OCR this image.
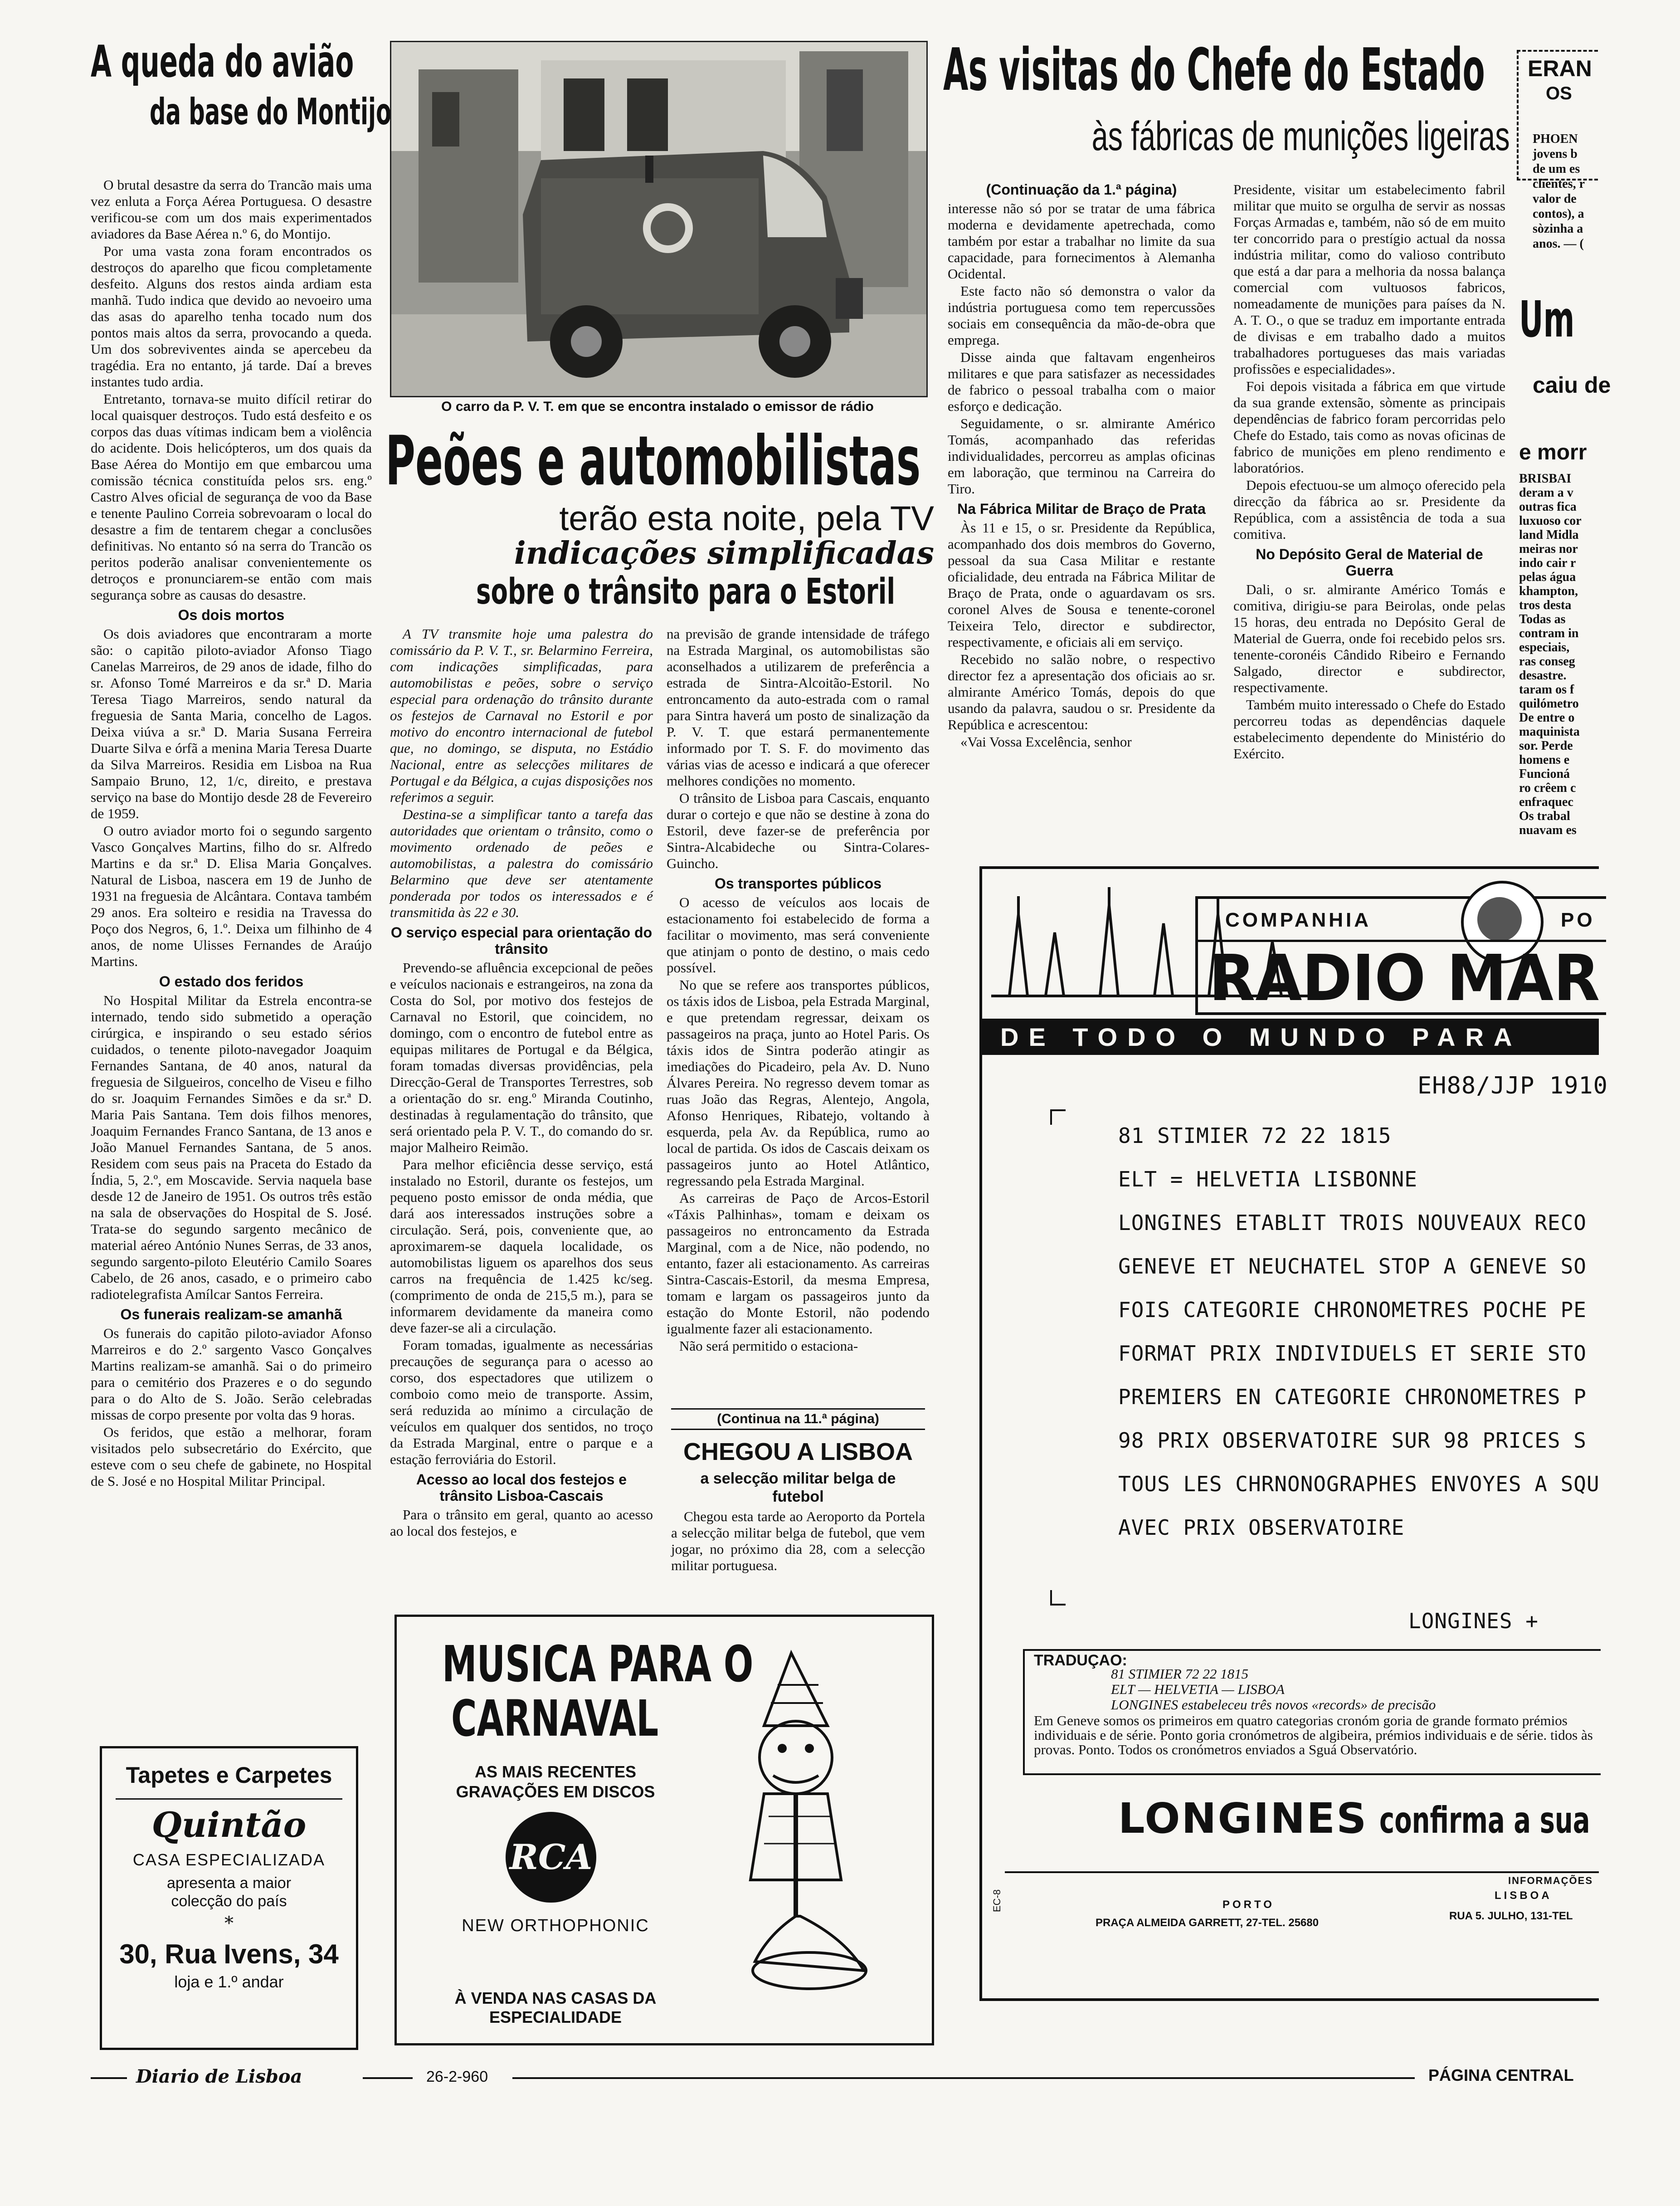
A queda do avião
da base do Montijo

O brutal desastre da serra do Trancão mais uma vez enluta a Força Aérea Portuguesa. O desastre verificou-se com um dos mais experimentados aviadores da Base Aérea n.º 6, do Montijo.

Por uma vasta zona foram encontrados os destroços do aparelho que ficou completamente desfeito. Alguns dos restos ainda ardiam esta manhã. Tudo indica que devido ao nevoeiro uma das asas do aparelho tenha tocado num dos pontos mais altos da serra, provocando a queda. Um dos sobreviventes ainda se apercebeu da tragédia. Era no entanto, já tarde. Daí a breves instantes tudo ardia.

Entretanto, tornava-se muito difícil retirar do local quaisquer destroços. Tudo está desfeito e os corpos das duas vítimas indicam bem a violência do acidente. Dois helicópteros, um dos quais da Base Aérea do Montijo em que embarcou uma comissão técnica constituída pelos srs. eng.º Castro Alves oficial de segurança de voo da Base e tenente Paulino Correia sobrevoaram o local do desastre a fim de tentarem chegar a conclusões definitivas. No entanto só na serra do Trancão os peritos poderão analisar convenientemente os detroços e pronunciarem-se então com mais segurança sobre as causas do desastre.

Os dois mortos

Os dois aviadores que encontraram a morte são: o capitão piloto-aviador Afonso Tiago Canelas Marreiros, de 29 anos de idade, filho do sr. Afonso Tomé Marreiros e da sr.ª D. Maria Teresa Tiago Marreiros, sendo natural da freguesia de Santa Maria, concelho de Lagos. Deixa viúva a sr.ª D. Maria Susana Ferreira Duarte Silva e órfã a menina Maria Teresa Duarte da Silva Marreiros. Residia em Lisboa na Rua Sampaio Bruno, 12, 1/c, direito, e prestava serviço na base do Montijo desde 28 de Fevereiro de 1959.

O outro aviador morto foi o segundo sargento Vasco Gonçalves Martins, filho do sr. Alfredo Martins e da sr.ª D. Elisa Maria Gonçalves. Natural de Lisboa, nascera em 19 de Junho de 1931 na freguesia de Alcântara. Contava também 29 anos. Era solteiro e residia na Travessa do Poço dos Negros, 6, 1.º. Deixa um filhinho de 4 anos, de nome Ulisses Fernandes de Araújo Martins.

O estado dos feridos

No Hospital Militar da Estrela encontra-se internado, tendo sido submetido a operação cirúrgica, e inspirando o seu estado sérios cuidados, o tenente piloto-navegador Joaquim Fernandes Santana, de 40 anos, natural da freguesia de Silgueiros, concelho de Viseu e filho do sr. Joaquim Fernandes Simões e da sr.ª D. Maria Pais Santana. Tem dois filhos menores, Joaquim Fernandes Franco Santana, de 13 anos e João Manuel Fernandes Santana, de 5 anos. Residem com seus pais na Praceta do Estado da Índia, 5, 2.º, em Moscavide. Servia naquela base desde 12 de Janeiro de 1951. Os outros três estão na sala de observações do Hospital de S. José. Trata-se do segundo sargento mecânico de material aéreo António Nunes Serras, de 33 anos, segundo sargento-piloto Eleutério Camilo Soares Cabelo, de 26 anos, casado, e o primeiro cabo radiotelegrafista Amílcar Santos Ferreira.

Os funerais realizam-se amanhã

Os funerais do capitão piloto-aviador Afonso Marreiros e do 2.º sargento Vasco Gonçalves Martins realizam-se amanhã. Sai o do primeiro para o cemitério dos Prazeres e o do segundo para o do Alto de S. João. Serão celebradas missas de corpo presente por volta das 9 horas.

Os feridos, que estão a melhorar, foram visitados pelo subsecretário do Exército, que esteve com o seu chefe de gabinete, no Hospital de S. José e no Hospital Militar Principal.

Tapetes e Carpetes
Quintão
CASA ESPECIALIZADA
apresenta a maior colecção do país
*
30, Rua Ivens, 34
loja e 1.º andar
O carro da P. V. T. em que se encontra instalado o emissor de rádio
Peões e automobilistas
terão esta noite, pela TV
indicações simplificadas
sobre o trânsito para o Estoril

A TV transmite hoje uma palestra do comissário da P. V. T., sr. Belarmino Ferreira, com indicações simplificadas, para automobilistas e peões, sobre o serviço especial para ordenação do trânsito durante os festejos de Carnaval no Estoril e por motivo do encontro internacional de futebol que, no domingo, se disputa, no Estádio Nacional, entre as selecções militares de Portugal e da Bélgica, a cujas disposições nos referimos a seguir.

Destina-se a simplificar tanto a tarefa das autoridades que orientam o trânsito, como o movimento ordenado de peões e automobilistas, a palestra do comissário Belarmino que deve ser atentamente ponderada por todos os interessados e é transmitida às 22 e 30.

O serviço especial para orientação do trânsito

Prevendo-se afluência excepcional de peões e veículos nacionais e estrangeiros, na zona da Costa do Sol, por motivo dos festejos de Carnaval no Estoril, que coincidem, no domingo, com o encontro de futebol entre as equipas militares de Portugal e da Bélgica, foram tomadas diversas providências, pela Direcção-Geral de Transportes Terrestres, sob a orientação do sr. eng.º Miranda Coutinho, destinadas à regulamentação do trânsito, que será orientado pela P. V. T., do comando do sr. major Malheiro Reimão.

Para melhor eficiência desse serviço, está instalado no Estoril, durante os festejos, um pequeno posto emissor de onda média, que dará aos interessados instruções sobre a circulação. Será, pois, conveniente que, ao aproximarem-se daquela localidade, os automobilistas liguem os aparelhos dos seus carros na frequência de 1.425 kc/seg. (comprimento de onda de 215,5 m.), para se informarem devidamente da maneira como deve fazer-se ali a circulação.

Foram tomadas, igualmente as necessárias precauções de segurança para o acesso ao corso, dos espectadores que utilizem o comboio como meio de transporte. Assim, será reduzida ao mínimo a circulação de veículos em qualquer dos sentidos, no troço da Estrada Marginal, entre o parque e a estação ferroviária do Estoril.

Acesso ao local dos festejos e trânsito Lisboa-Cascais

Para o trânsito em geral, quanto ao acesso ao local dos festejos, e

na previsão de grande intensidade de tráfego na Estrada Marginal, os automobilistas são aconselhados a utilizarem de preferência a estrada de Sintra-Alcoitão-Estoril. No entroncamento da auto-estrada com o ramal para Sintra haverá um posto de sinalização da P. V. T. que estará permanentemente informado por T. S. F. do movimento das várias vias de acesso e indicará a que oferecer melhores condições no momento.

O trânsito de Lisboa para Cascais, enquanto durar o cortejo e que não se destine à zona do Estoril, deve fazer-se de preferência por Sintra-Alcabideche ou Sintra-Colares-Guincho.

Os transportes públicos

O acesso de veículos aos locais de estacionamento foi estabelecido de forma a facilitar o movimento, mas será conveniente que atinjam o ponto de destino, o mais cedo possível.

No que se refere aos transportes públicos, os táxis idos de Lisboa, pela Estrada Marginal, e que pretendam regressar, deixam os passageiros na praça, junto ao Hotel Paris. Os táxis idos de Sintra poderão atingir as imediações do Picadeiro, pela Av. D. Nuno Álvares Pereira. No regresso devem tomar as ruas João das Regras, Alentejo, Angola, Afonso Henriques, Ribatejo, voltando à esquerda, pela Av. da República, rumo ao local de partida. Os idos de Cascais deixam os passageiros junto ao Hotel Atlântico, regressando pela Estrada Marginal.

As carreiras de Paço de Arcos-Estoril «Táxis Palhinhas», tomam e deixam os passageiros no entroncamento da Estrada Marginal, com a de Nice, não podendo, no entanto, fazer ali estacionamento. As carreiras Sintra-Cascais-Estoril, da mesma Empresa, tomam e largam os passageiros junto da estação do Monte Estoril, não podendo igualmente fazer ali estacionamento.

Não será permitido o estaciona-

(Continua na 11.ª página)
CHEGOU A LISBOA
a selecção militar belga de futebol
Chegou esta tarde ao Aeroporto da Portela a selecção militar belga de futebol, que vem jogar, no próximo dia 28, com a selecção militar portuguesa.
MUSICA PARA O
CARNAVAL
AS MAIS RECENTES GRAVAÇÕES EM DISCOS
RCA
NEW ORTHOPHONIC
À VENDA NAS CASAS DA ESPECIALIDADE
As visitas do Chefe do Estado
às fábricas de munições ligeiras
(Continuação da 1.ª página)

interesse não só por se tratar de uma fábrica moderna e devidamente apetrechada, como também por estar a trabalhar no limite da sua capacidade, para fornecimentos à Alemanha Ocidental.

Este facto não só demonstra o valor da indústria portuguesa como tem repercussões sociais em consequência da mão-de-obra que emprega.

Disse ainda que faltavam engenheiros militares e que para satisfazer as necessidades de fabrico o pessoal trabalha com o maior esforço e dedicação.

Seguidamente, o sr. almirante Américo Tomás, acompanhado das referidas individualidades, percorreu as amplas oficinas em laboração, que terminou na Carreira do Tiro.

Na Fábrica Militar de Braço de Prata

Às 11 e 15, o sr. Presidente da República, acompanhado dos dois membros do Governo, pessoal da sua Casa Militar e restante oficialidade, deu entrada na Fábrica Militar de Braço de Prata, onde o aguardavam os srs. coronel Alves de Sousa e tenente-coronel Teixeira Telo, director e subdirector, respectivamente, e oficiais ali em serviço.

Recebido no salão nobre, o respectivo director fez a apresentação dos oficiais ao sr. almirante Américo Tomás, depois do que usando da palavra, saudou o sr. Presidente da República e acrescentou:

«Vai Vossa Excelência, senhor

Presidente, visitar um estabelecimento fabril militar que muito se orgulha de servir as nossas Forças Armadas e, também, não só de em muito ter concorrido para o prestígio actual da nossa indústria militar, como do valioso contributo que está a dar para a melhoria da nossa balança comercial com vultuosos fabricos, nomeadamente de munições para países da N. A. T. O., o que se traduz em importante entrada de divisas e em trabalho dado a muitos trabalhadores portugueses das mais variadas profissões e especialidades».

Foi depois visitada a fábrica em que virtude da sua grande extensão, sòmente as principais dependências de fabrico foram percorridas pelo Chefe do Estado, tais como as novas oficinas de fabrico de munições em pleno rendimento e laboratórios.

Depois efectuou-se um almoço oferecido pela direcção da fábrica ao sr. Presidente da República, com a assistência de toda a sua comitiva.

No Depósito Geral de Material de Guerra

Dali, o sr. almirante Américo Tomás e comitiva, dirigiu-se para Beirolas, onde pelas 15 horas, deu entrada no Depósito Geral de Material de Guerra, onde foi recebido pelos srs. tenente-coronéis Cândido Ribeiro e Fernando Salgado, director e subdirector, respectivamente.

Também muito interessado o Chefe do Estado percorreu todas as dependências daquele estabelecimento dependente do Ministério do Exército.

ERAN
OS
PHOEN
jovens b
de um es
clientes, r
valor de
contos), a
sòzinha a
anos. — (
Um
caiu de
e morr
BRISBAI
deram a v
outras fica
luxuoso cor
land Midla
meiras nor
indo cair r
pelas água
khampton,
tros desta
Todas as
contram in
especiais,
ras conseg
desastre.
taram os f
quilómetro
De entre o
maquinista
sor. Perde
homens e
Funcioná
ro crêem c
enfraquec
Os trabal
nuavam es
COMPANHIA	PO
RADIO MAR
DE TODO O MUNDO PARA
EH88/JJP 1910
81 STIMIER 72 22 1815
ELT = HELVETIA LISBONNE
LONGINES ETABLIT TROIS NOUVEAUX RECO
GENEVE ET NEUCHATEL STOP A GENEVE SO
FOIS CATEGORIE CHRONOMETRES POCHE PE
FORMAT PRIX INDIVIDUELS ET SERIE STO
PREMIERS EN CATEGORIE CHRONOMETRES P
98 PRIX OBSERVATOIRE SUR 98 PRICES S
TOUS LES CHRNONOGRAPHES ENVOYES A SQU
AVEC PRIX OBSERVATOIRE
LONGINES +
TRADUÇAO:
81 STIMIER 72 22 1815
ELT — HELVETIA — LISBOA
LONGINES estabeleceu três novos «records» de precisão
Em Geneve somos os primeiros em quatro categorias cronóm goria de grande formato prémios individuais e de série. Ponto goria cronómetros de algibeira, prémios individuais e de série. tidos às provas. Ponto. Todos os cronómetros enviados a Sguá Observatório.
LONGINES confirma a sua
INFORMAÇÕES
EC-8	PORTO
PRAÇA ALMEIDA GARRETT, 27-TEL. 25680
LISBOA
RUA 5. JULHO, 131-TEL
Diario de Lisboa	26-2-960	PÁGINA CENTRAL
